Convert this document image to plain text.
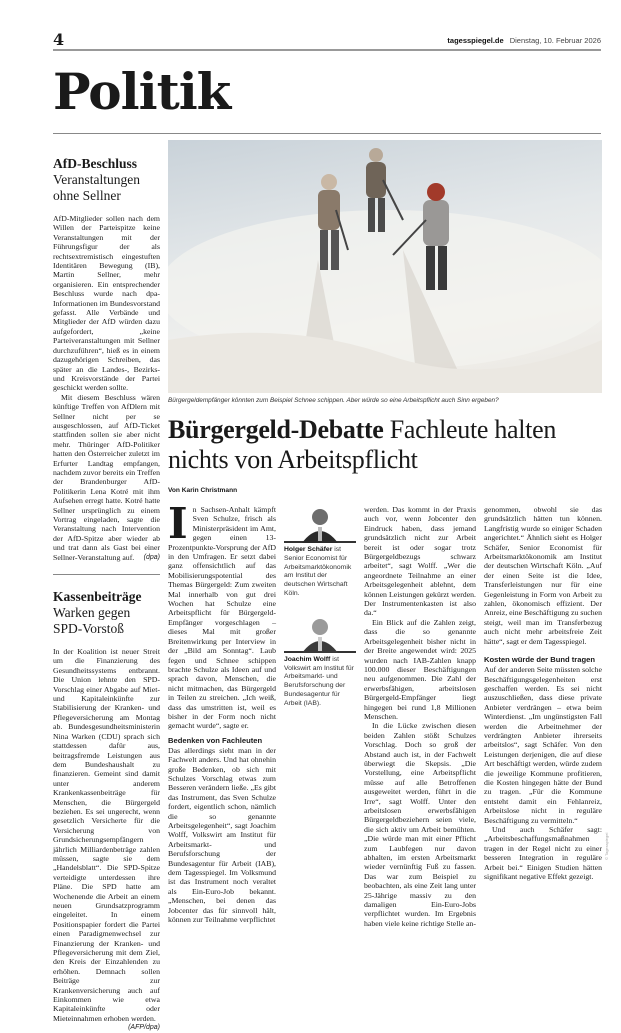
4	tagesspiegel.de Dienstag, 10. Februar 2026
Politik
AfD-Beschluss
Veranstaltungen ohne Sellner

AfD-Mitglieder sollen nach dem Willen der Parteispitze keine Veranstaltungen mit der Führungsfigur der als rechtsextremistisch eingestuften Identitären Bewegung (IB), Martin Sellner, mehr organisieren. Ein entsprechender Beschluss wurde nach dpa-Informationen im Bundesvorstand gefasst. Alle Verbände und Mitglieder der AfD würden dazu aufgefordert, „keine Parteiveranstaltungen mit Sellner durchzuführen“, hieß es in einem dazugehörigen Schreiben, das später an die Landes-, Bezirks- und Kreisvorstände der Partei geschickt werden sollte.

Mit diesem Beschluss wären künftige Treffen von AfDlern mit Sellner nicht per se ausgeschlossen, auf AfD-Ticket stattfinden sollen sie aber nicht mehr. Thüringer AfD-Politiker hatten den Österreicher zuletzt im Erfurter Landtag empfangen, nachdem zuvor bereits ein Treffen der Brandenburger AfD-Politikerin Lena Kotré mit ihm Aufsehen erregt hatte. Kotré hatte Sellner ursprünglich zu einem Vortrag eingeladen, sagte die Veranstaltung nach Intervention der AfD-Spitze aber wieder ab und trat dann als Gast bei einer Sellner-Veranstaltung auf.	(dpa)

Kassenbeiträge
Warken gegen SPD-Vorstoß

In der Koalition ist neuer Streit um die Finanzierung des Gesundheitssystems entbrannt. Die Union lehnte den SPD-Vorschlag einer Abgabe auf Miet- und Kapitaleinkünfte zur Stabilisierung der Kranken- und Pflegeversicherung am Montag ab. Bundesgesundheitsministerin Nina Warken (CDU) sprach sich stattdessen dafür aus, beitragsfremde Leistungen aus dem Bundeshaushalt zu finanzieren. Gemeint sind damit unter anderem Krankenkassenbeiträge für Menschen, die Bürgergeld beziehen. Es sei ungerecht, wenn gesetzlich Versicherte für die Versicherung von Grundsicherungsempfängern jährlich Milliardenbeträge zahlen müssen, sagte sie dem „Handelsblatt“. Die SPD-Spitze verteidigte unterdessen ihre Pläne. Die SPD hatte am Wochenende die Arbeit an einem neuen Grundsatzprogramm eingeleitet. In einem Positionspapier fordert die Partei einen Paradigmenwechsel zur Finanzierung der Kranken- und Pflegeversicherung mit dem Ziel, den Kreis der Einzahlenden zu erhöhen. Demnach sollen Beiträge zur Krankenversicherung auch auf Einkommen wie etwa Kapitaleinkünfte oder Mieteinnahmen erhoben werden.
(AFP/dpa)

Bürgergeldempfänger könnten zum Beispiel Schnee schippen. Aber würde so eine Arbeitspflicht auch Sinn ergeben?
Bürgergeld-Debatte Fachleute halten nichts von Arbeitspflicht
Von Karin Christmann

In Sachsen-Anhalt kämpft Sven Schulze, frisch als Ministerpräsident im Amt, gegen einen 13-Prozentpunkte-Vorsprung der AfD in den Umfragen. Er setzt dabei ganz offensichtlich auf das Mobilisierungspotential des Themas Bürgergeld: Zum zweiten Mal innerhalb von gut drei Wochen hat Schulze eine Arbeitspflicht für Bürgergeld-Empfänger vorgeschlagen – dieses Mal mit großer Breitenwirkung per Interview in der „Bild am Sonntag“. Laub fegen und Schnee schippen brachte Schulze als Ideen auf und sprach davon, Menschen, die nicht mitmachen, das Bürgergeld in Teilen zu streichen. „Ich weiß, dass das umstritten ist, weil es bisher in der Form noch nicht gemacht wurde“, sagte er.

Bedenken von Fachleuten

Das allerdings sieht man in der Fachwelt anders. Und hat ohnehin große Bedenken, ob sich mit Schulzes Vorschlag etwas zum Besseren verändern ließe. „Es gibt das Instrument, das Sven Schulze fordert, eigentlich schon, nämlich die so genannte Arbeitsgelegenheit“, sagt Joachim Wolff, Volkswirt am Institut für Arbeitsmarkt- und Berufsforschung der Bundesagentur für Arbeit (IAB), dem Tagesspiegel. Im Volksmund ist das Instrument noch veraltet als Ein-Euro-Job bekannt. „Menschen, bei denen das Jobcenter das für sinnvoll hält, können zur Teilnahme verpflichtet

Holger Schäfer ist Senior Economist für Arbeitsmarktökonomik am Institut der deutschen Wirtschaft Köln.

Joachim Wolff ist Volkswirt am Institut für Arbeitsmarkt- und Berufsforschung der Bundesagentur für Arbeit (IAB).

werden. Das kommt in der Praxis auch vor, wenn Jobcenter den Eindruck haben, dass jemand grundsätzlich nicht zur Arbeit bereit ist oder sogar trotz Bürgergeldbezugs schwarz arbeitet“, sagt Wolff. „Wer die angeordnete Teilnahme an einer Arbeitsgelegenheit ablehnt, dem können Leistungen gekürzt werden. Der Instrumentenkasten ist also da.“

Ein Blick auf die Zahlen zeigt, dass die so genannte Arbeitsgelegenheit bisher nicht in der Breite angewendet wird: 2025 wurden nach IAB-Zahlen knapp 100.000 dieser Beschäftigungen neu aufgenommen. Die Zahl der erwerbsfähigen, arbeitslosen Bürgergeld-Empfänger liegt hingegen bei rund 1,8 Millionen Menschen.

In die Lücke zwischen diesen beiden Zahlen stößt Schulzes Vorschlag. Doch so groß der Abstand auch ist, in der Fachwelt überwiegt die Skepsis. „Die Vorstellung, eine Arbeitspflicht müsse auf alle Betroffenen ausgeweitet werden, führt in die Irre“, sagt Wolff. Unter den arbeitslosen erwerbsfähigen Bürgergeldbeziehern seien viele, die sich aktiv um Arbeit bemühten. „Die würde man mit einer Pflicht zum Laubfegen nur davon abhalten, im ersten Arbeitsmarkt wieder vernünftig Fuß zu fassen. Das war zum Beispiel zu beobachten, als eine Zeit lang unter 25-Jährige massiv zu den damaligen Ein-Euro-Jobs verpflichtet wurden. Im Ergebnis haben viele keine richtige Stelle an-

genommen, obwohl sie das grundsätzlich hätten tun können. Langfristig wurde so einiger Schaden angerichtet.“ Ähnlich sieht es Holger Schäfer, Senior Economist für Arbeitsmarktökonomik am Institut der deutschen Wirtschaft Köln. „Auf der einen Seite ist die Idee, Transferleistungen nur für eine Gegenleistung in Form von Arbeit zu zahlen, ökonomisch effizient. Der Anreiz, eine Beschäftigung zu suchen steigt, weil man im Transferbezug auch nicht mehr arbeitsfreie Zeit hätte“, sagt er dem Tagesspiegel.

Kosten würde der Bund tragen

Auf der anderen Seite müssten solche Beschäftigungsgelegenheiten erst geschaffen werden. Es sei nicht auszuschließen, dass diese private Anbieter verdrängen – etwa beim Winterdienst. „Im ungünstigsten Fall werden die Arbeitnehmer der verdrängten Anbieter ihrerseits arbeitslos“, sagt Schäfer. Von den Leistungen derjenigen, die auf diese Art beschäftigt werden, würde zudem die jeweilige Kommune profitieren, die Kosten hingegen hätte der Bund zu tragen. „Für die Kommune entsteht damit ein Fehlanreiz, Arbeitslose nicht in reguläre Beschäftigung zu vermitteln.“

Und auch Schäfer sagt: „Arbeitsbeschaffungsmaßnahmen tragen in der Regel nicht zu einer besseren Integration in reguläre Arbeit bei.“ Einigen Studien hätten signifikant negative Effekt gezeigt.

© Tagesspiegel
